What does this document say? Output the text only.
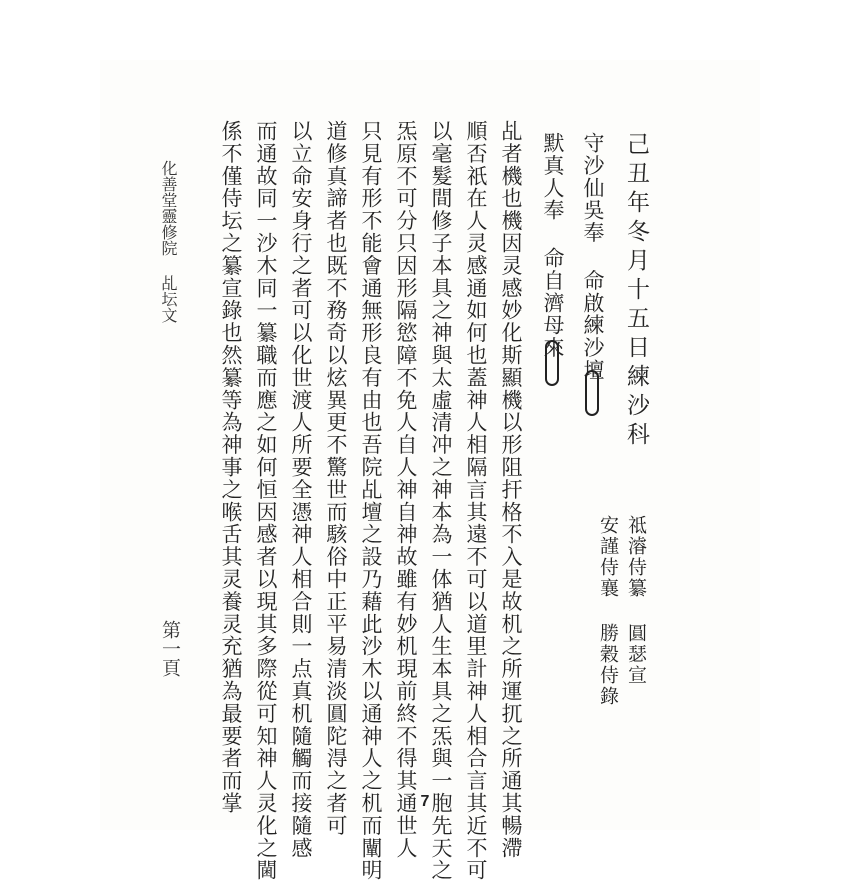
己丑年冬月十五日練沙科
守沙仙吳奉 命啟練沙壇
默真人奉 命自濟母來
祗濬侍纂 圓瑟宣
安謹侍襄 勝穀侍錄
乩者機也機因灵感妙化斯顯機以形阻扞格不入是故机之所運扤之所通其暢滯
順否祇在人灵感通如何也蓋神人相隔言其遠不可以道里計神人相合言其近不可
以毫髮間修子本具之神與太虛清冲之神本為一体猶人生本具之炁與一胞先天之
炁原不可分只因形隔慾障不免人自人神自神故雖有妙机現前終不得其通世人
只見有形不能會通無形良有由也吾院乩壇之設乃藉此沙木以通神人之机而闡明
道修真諦者也既不務奇以炫異更不驚世而駭俗中正平易清淡圓陀淂之者可
以立命安身行之者可以化世渡人所要全憑神人相合則一点真机隨觸而接隨感
而通故同一沙木同一纂職而應之如何恒因感者以現其多際從可知神人灵化之閫
係不僅侍坛之纂宣錄也然纂等為神事之喉舌其灵養灵充猶為最要者而掌
化善堂靈修院 乩坛文
第一頁
7
